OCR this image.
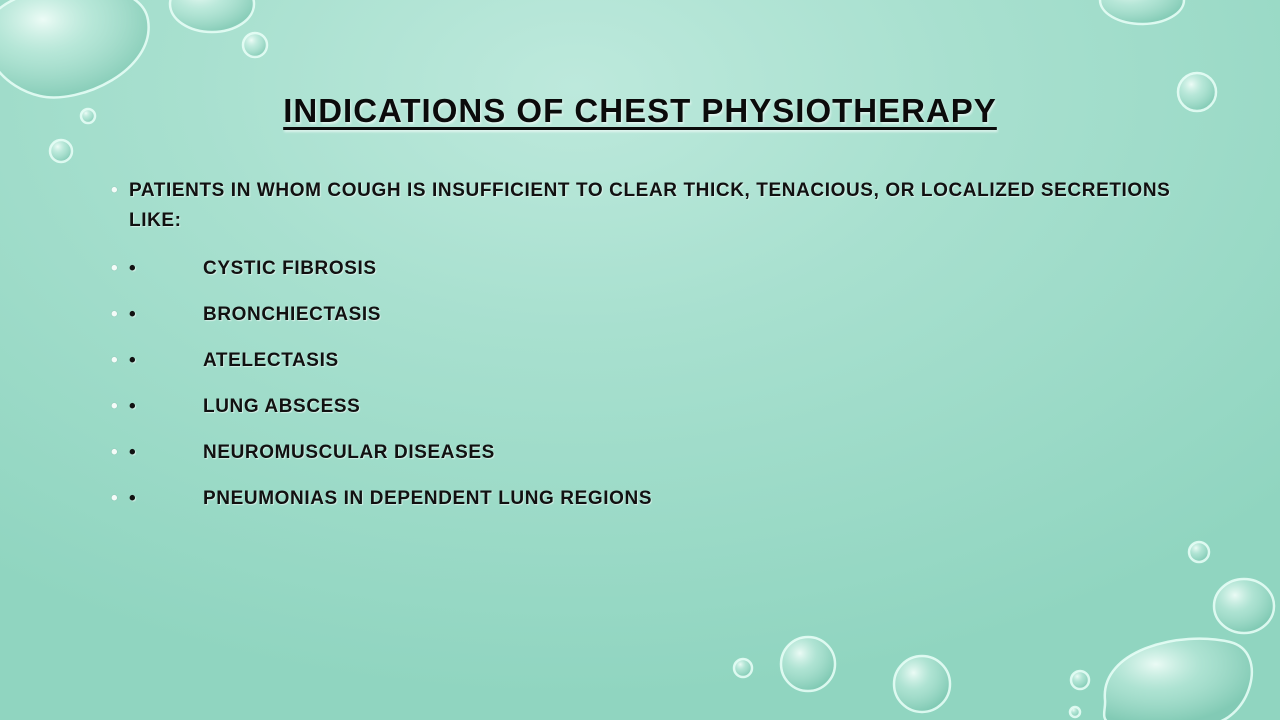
INDICATIONS OF CHEST PHYSIOTHERAPY
• PATIENTS IN WHOM COUGH IS INSUFFICIENT TO CLEAR THICK, TENACIOUS, OR LOCALIZED SECRETIONS LIKE:
• •	CYSTIC FIBROSIS
• •	BRONCHIECTASIS
• •	ATELECTASIS
• •	LUNG ABSCESS
• •	NEUROMUSCULAR DISEASES
• •	PNEUMONIAS IN DEPENDENT LUNG REGIONS
